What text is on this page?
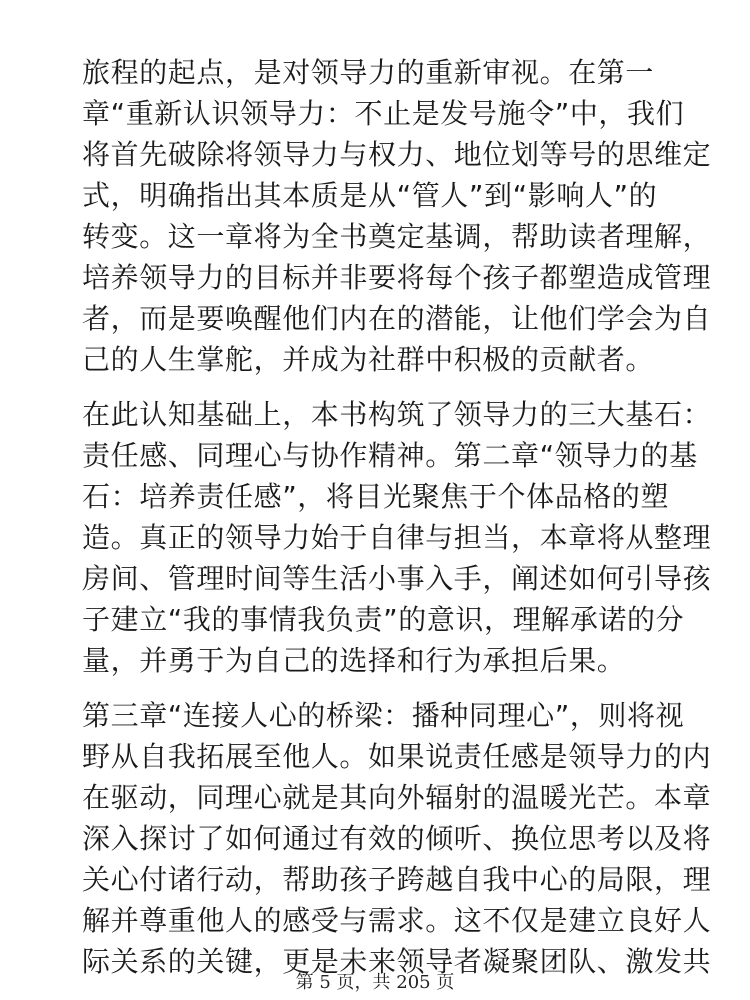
旅程的起点，是对领导力的重新审视。在第一
章“重新认识领导力：不止是发号施令”中，我们
将首先破除将领导力与权力、地位划等号的思维定
式，明确指出其本质是从“管人”到“影响人”的
转变。这一章将为全书奠定基调，帮助读者理解，
培养领导力的目标并非要将每个孩子都塑造成管理
者，而是要唤醒他们内在的潜能，让他们学会为自
己的人生掌舵，并成为社群中积极的贡献者。
在此认知基础上，本书构筑了领导力的三大基石：
责任感、同理心与协作精神。第二章“领导力的基
石：培养责任感”，将目光聚焦于个体品格的塑
造。真正的领导力始于自律与担当，本章将从整理
房间、管理时间等生活小事入手，阐述如何引导孩
子建立“我的事情我负责”的意识，理解承诺的分
量，并勇于为自己的选择和行为承担后果。
第三章“连接人心的桥梁：播种同理心”，则将视
野从自我拓展至他人。如果说责任感是领导力的内
在驱动，同理心就是其向外辐射的温暖光芒。本章
深入探讨了如何通过有效的倾听、换位思考以及将
关心付诸行动，帮助孩子跨越自我中心的局限，理
解并尊重他人的感受与需求。这不仅是建立良好人
际关系的关键，更是未来领导者凝聚团队、激发共
第 5 页，共 205 页
